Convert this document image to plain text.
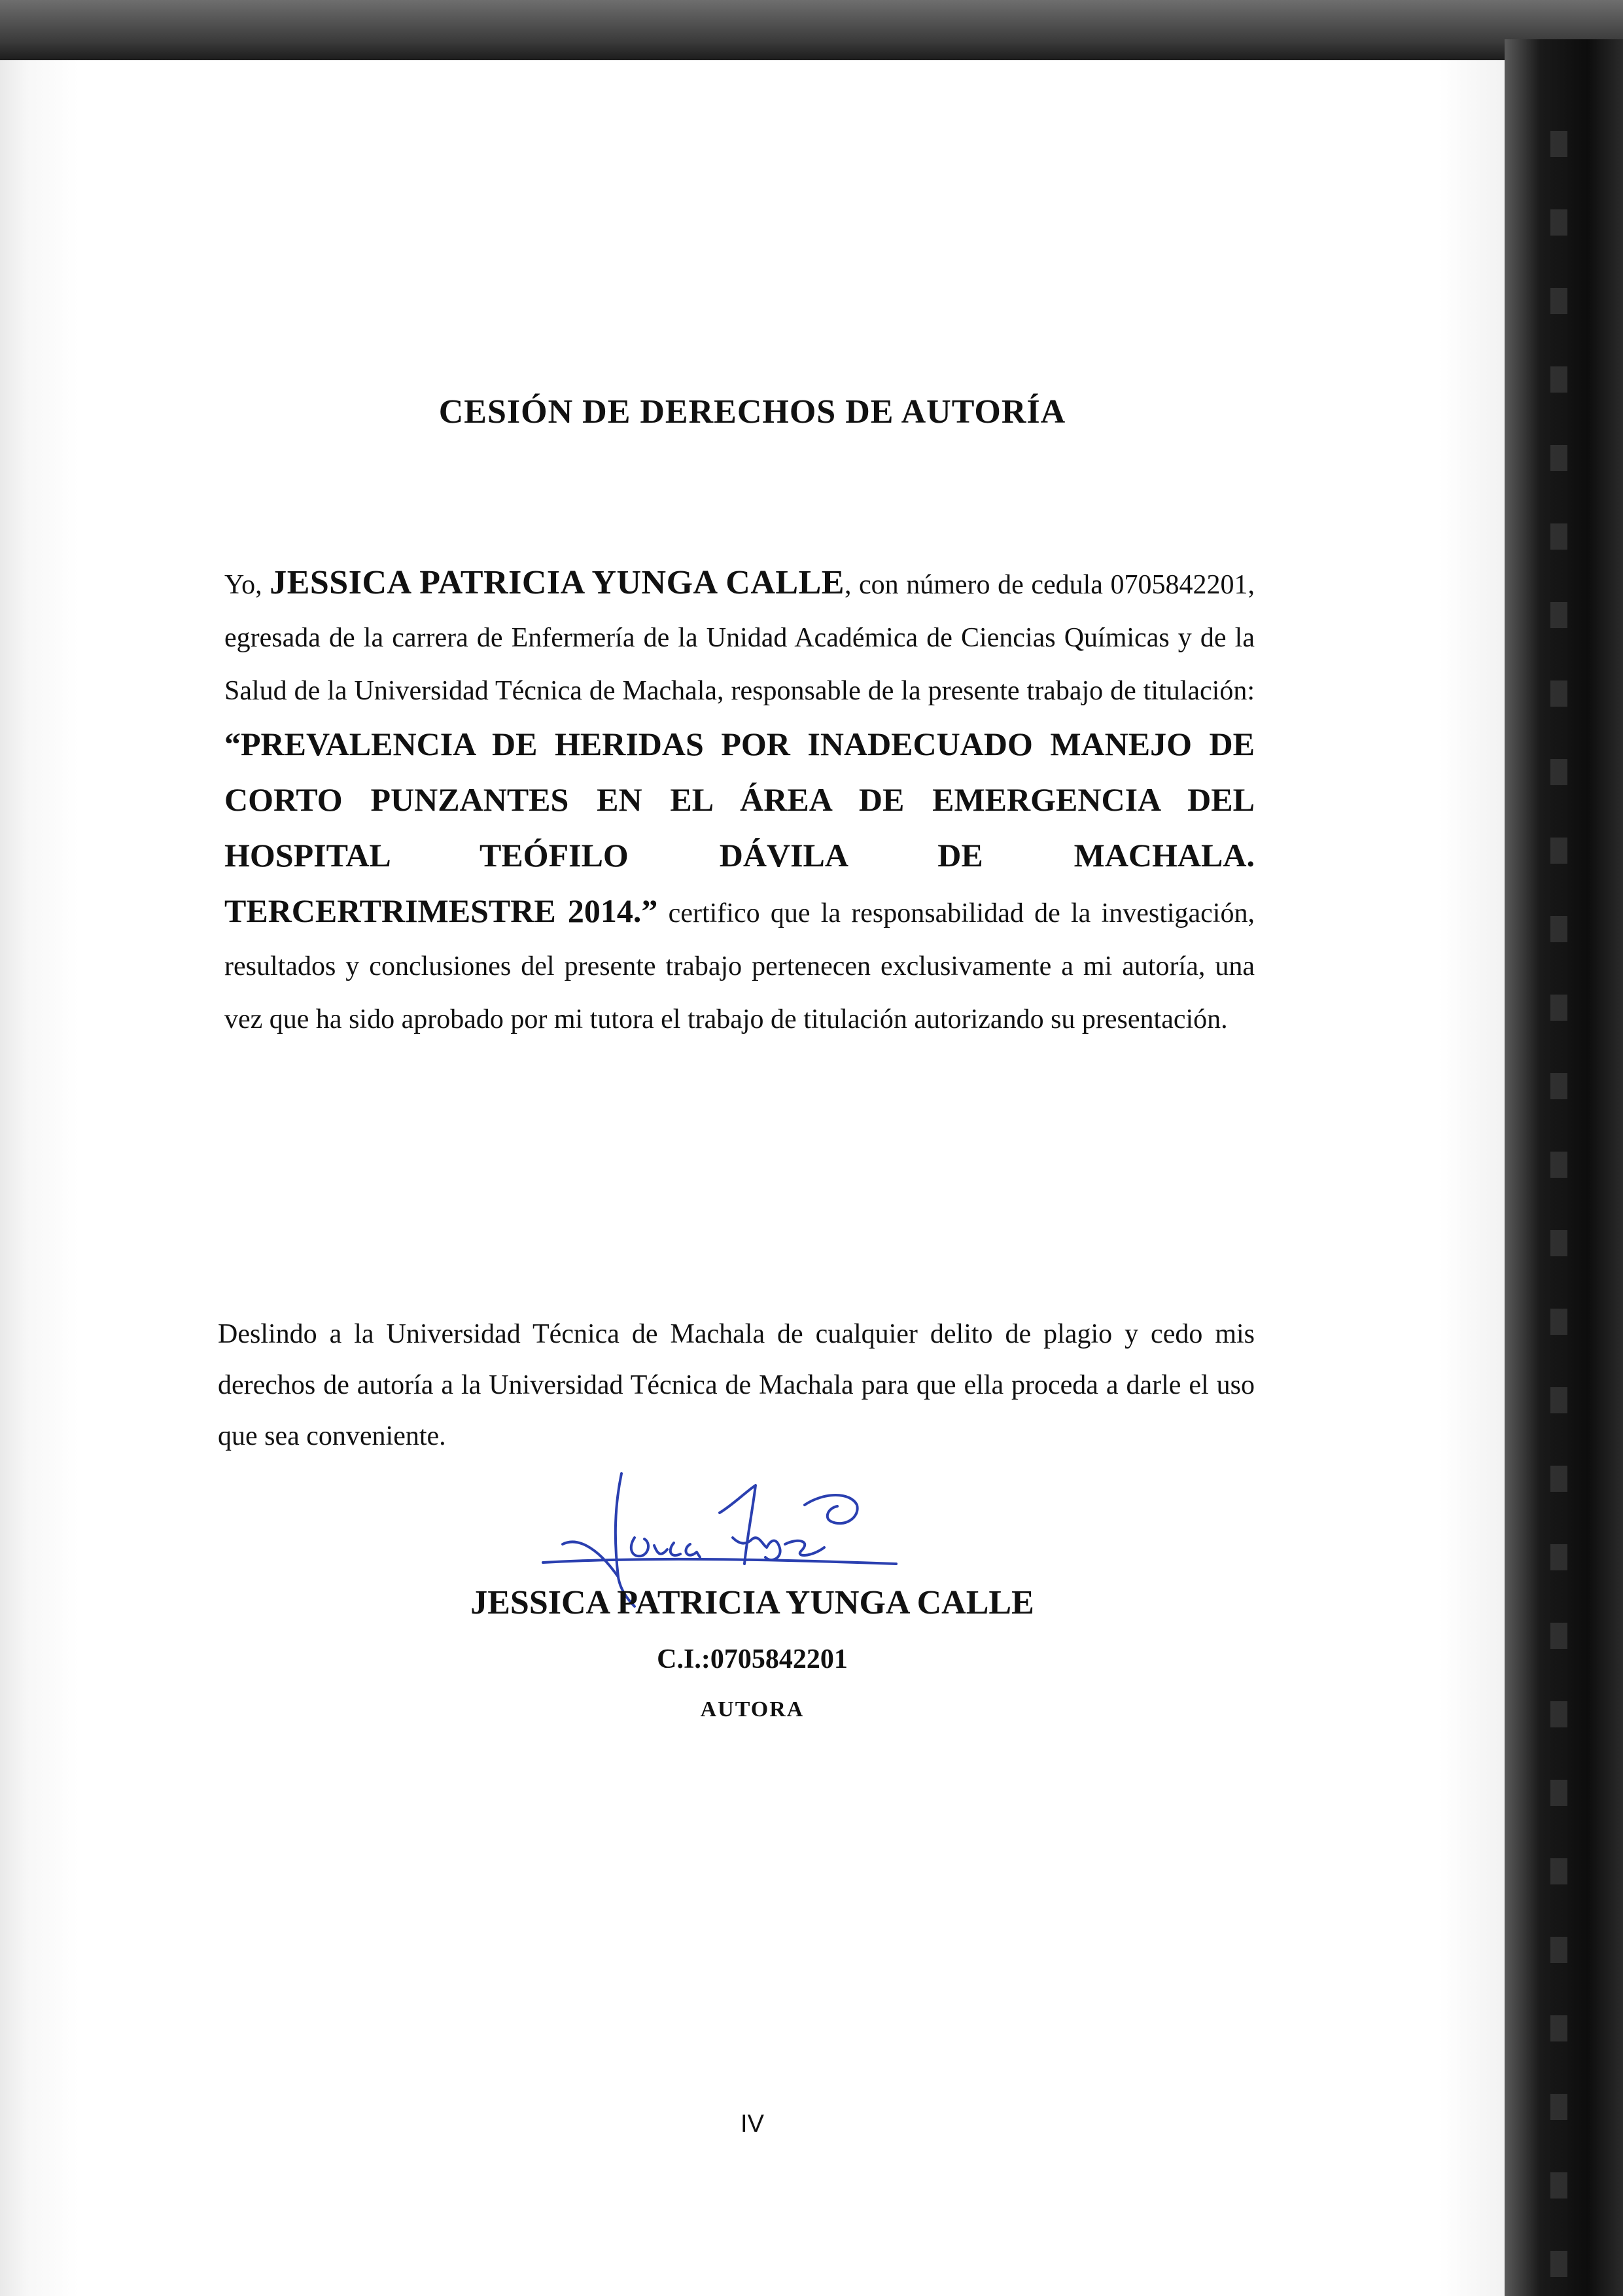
CESIÓN DE DERECHOS DE AUTORÍA

Yo, JESSICA PATRICIA YUNGA CALLE, con número de cedula 0705842201, egresada de la carrera de Enfermería de la Unidad Académica de Ciencias Químicas y de la Salud de la Universidad Técnica de Machala, responsable de la presente trabajo de titulación: “PREVALENCIA DE HERIDAS POR INADECUADO MANEJO DE CORTO PUNZANTES EN EL ÁREA DE EMERGENCIA DEL HOSPITAL TEÓFILO DÁVILA DE MACHALA. TERCERTRIMESTRE 2014.” certifico que la responsabilidad de la investigación, resultados y conclusiones del presente trabajo pertenecen exclusivamente a mi autoría, una vez que ha sido aprobado por mi tutora el trabajo de titulación autorizando su presentación.

Deslindo a la Universidad Técnica de Machala de cualquier delito de plagio y cedo mis derechos de autoría a la Universidad Técnica de Machala para que ella proceda a darle el uso que sea conveniente.

JESSICA PATRICIA YUNGA CALLE

C.I.:0705842201

AUTORA

IV
